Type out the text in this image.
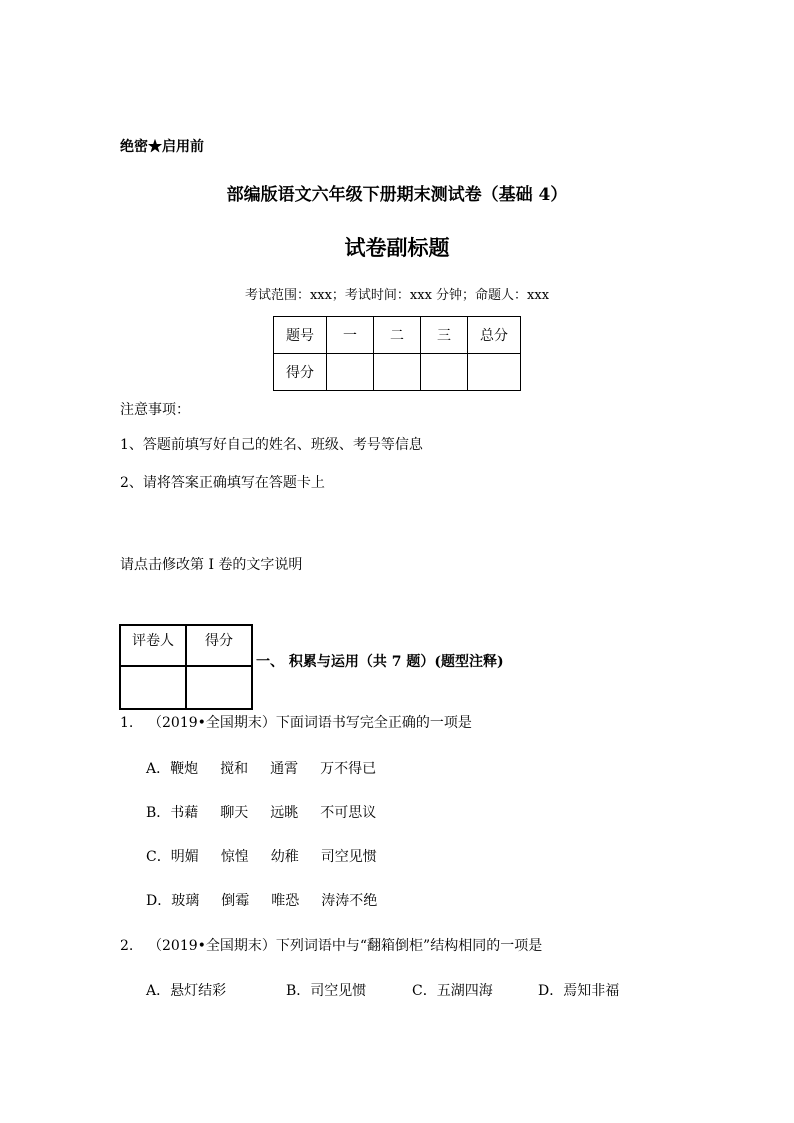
绝密★启用前
部编版语文六年级下册期末测试卷（基础 4）
试卷副标题
考试范围：xxx；考试时间：xxx 分钟；命题人：xxx
题号	一	二	三	总分
得分				
注意事项：
1、答题前填写好自己的姓名、班级、考号等信息
2、请将答案正确填写在答题卡上
请点击修改第 I 卷的文字说明
评卷人	得分

一、 积累与运用（共 7 题）(题型注释)
1. （2019•全国期末）下面词语书写完全正确的一项是
A．鞭炮 搅和 通霄 万不得已
B．书藉 聊天 远眺 不可思议
C．明媚 惊惶 幼稚 司空见惯
D．玻璃 倒霉 唯恐 涛涛不绝
2. （2019•全国期末）下列词语中与“翻箱倒柜”结构相同的一项是
A．悬灯结彩	B．司空见惯	C．五湖四海	D．焉知非福
